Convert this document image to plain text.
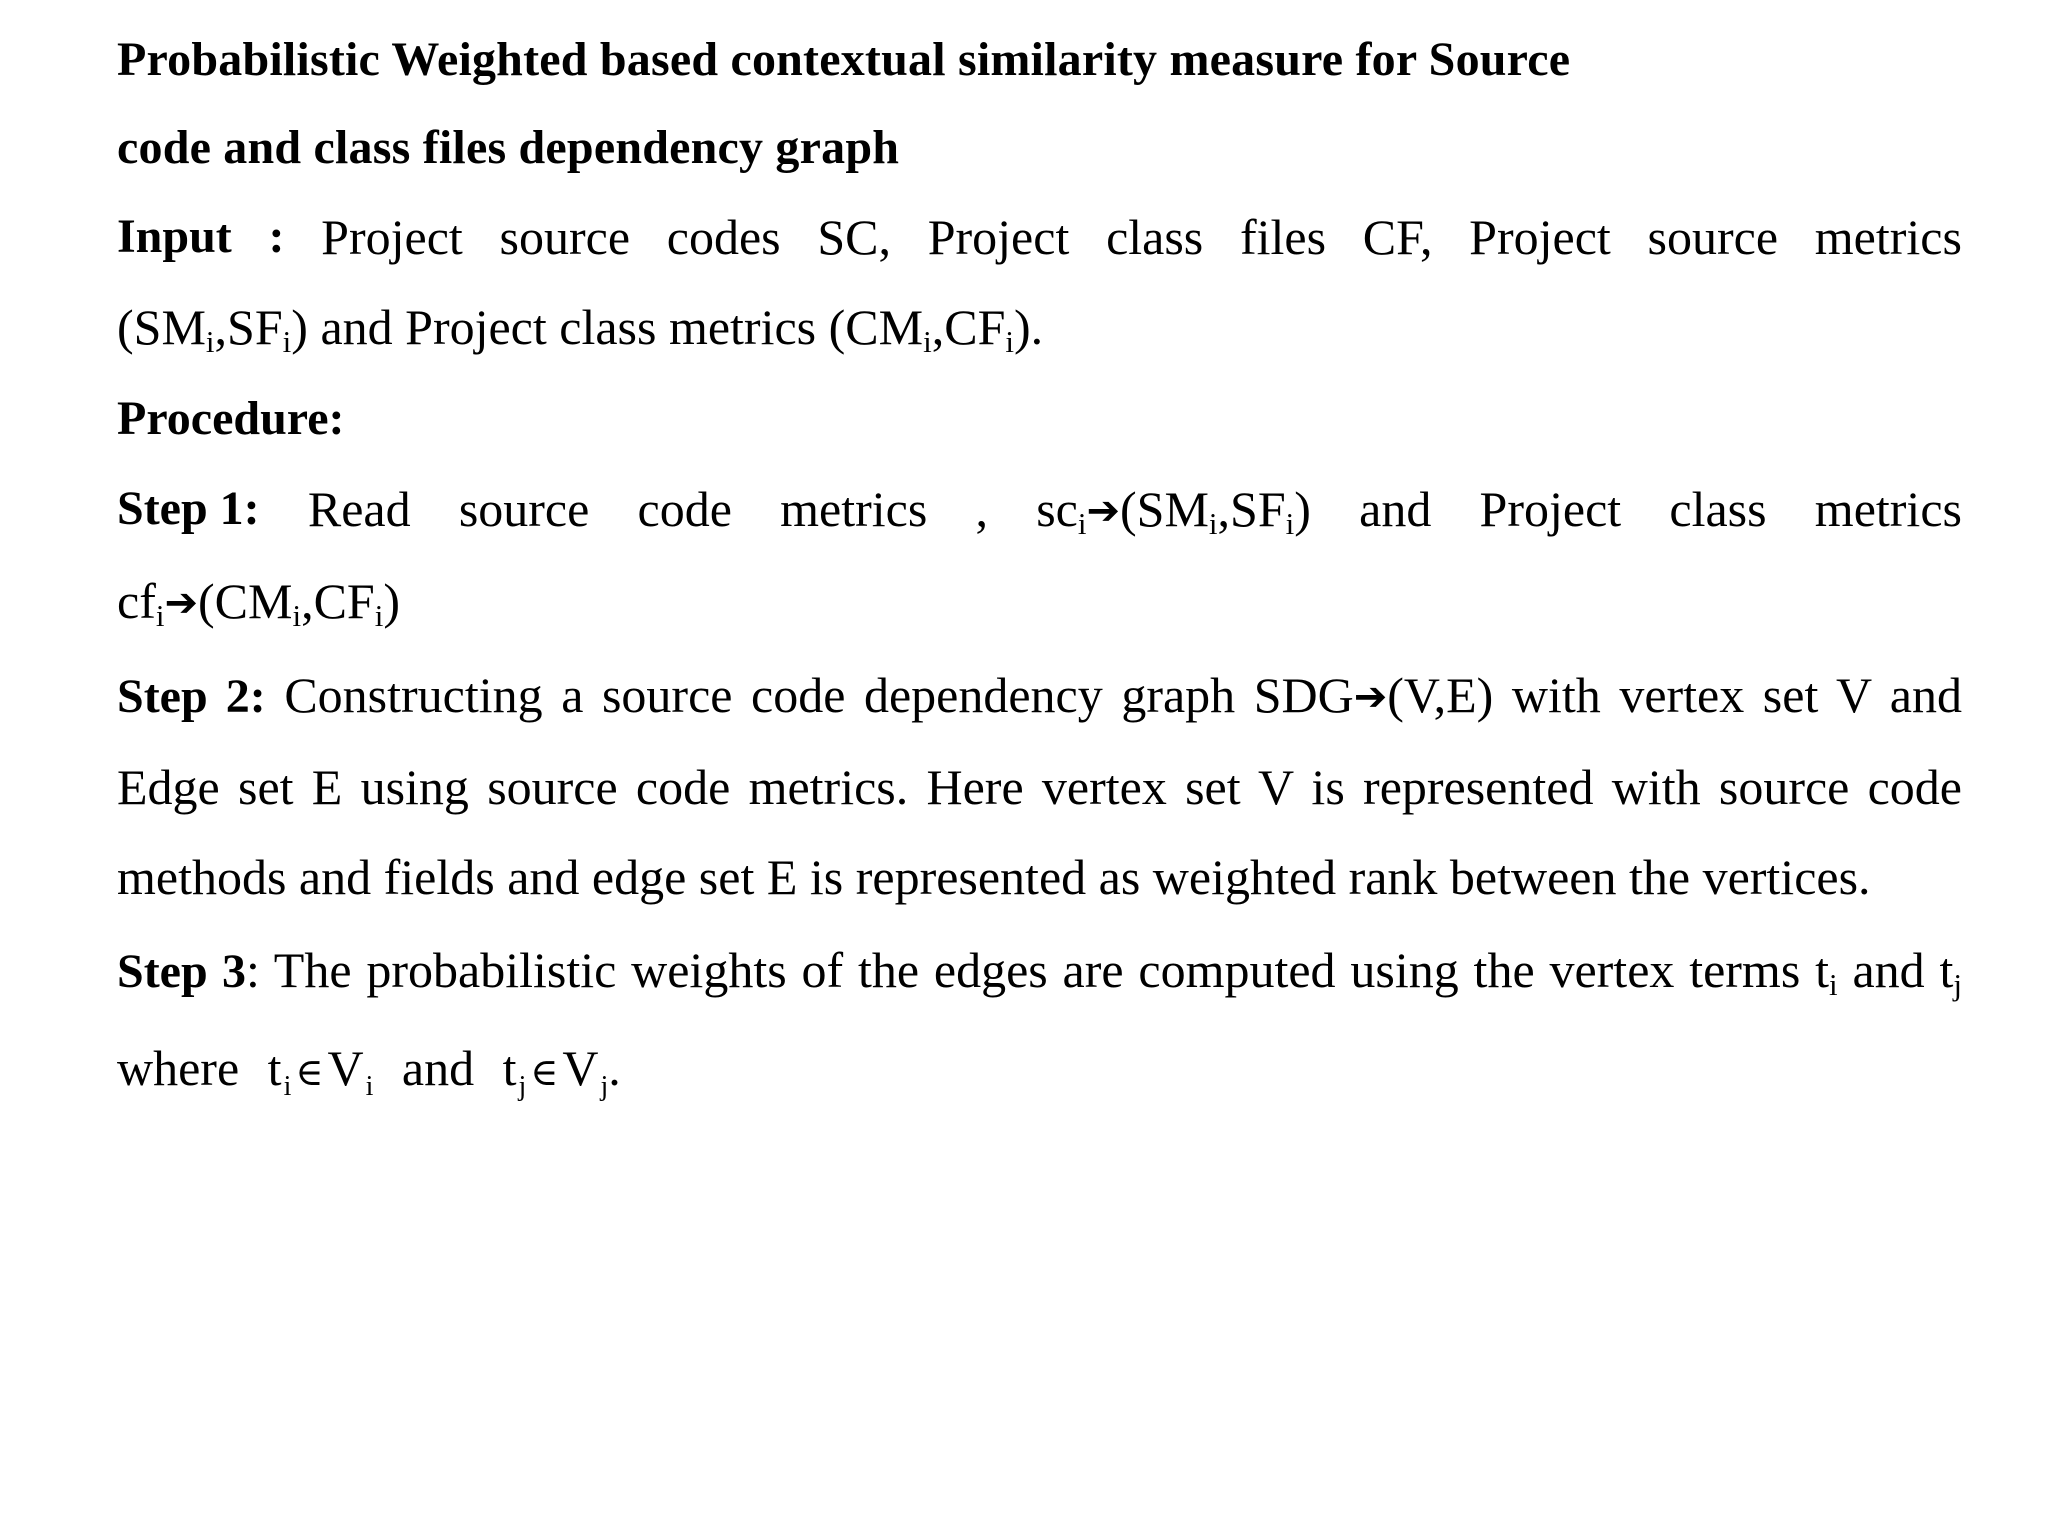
Probabilistic Weighted based contextual similarity measure for Source
code and class files dependency graph
Input : Project source codes SC, Project class files CF, Project source metrics
$(SM_i,SF_i)$ and Project class metrics $(CM_i,CF_i)$.
Procedure:
Step 1: Read source code metrics , $sc_i➔(SM_i,SF_i)$ and Project class metrics
$cf_i➔(CM_i,CF_i)$
Step 2: Constructing a source code dependency graph SDG➔(V,E) with vertex set V and Edge set E using source code metrics. Here vertex set V is represented with source code methods and fields and edge set E is represented as weighted rank between the vertices.
Step 3: The probabilistic weights of the edges are computed using the vertex terms $t_i$ and $t_j$ where $t_i$ $\in V_i$ and $t_j$ $\in V_j$.
